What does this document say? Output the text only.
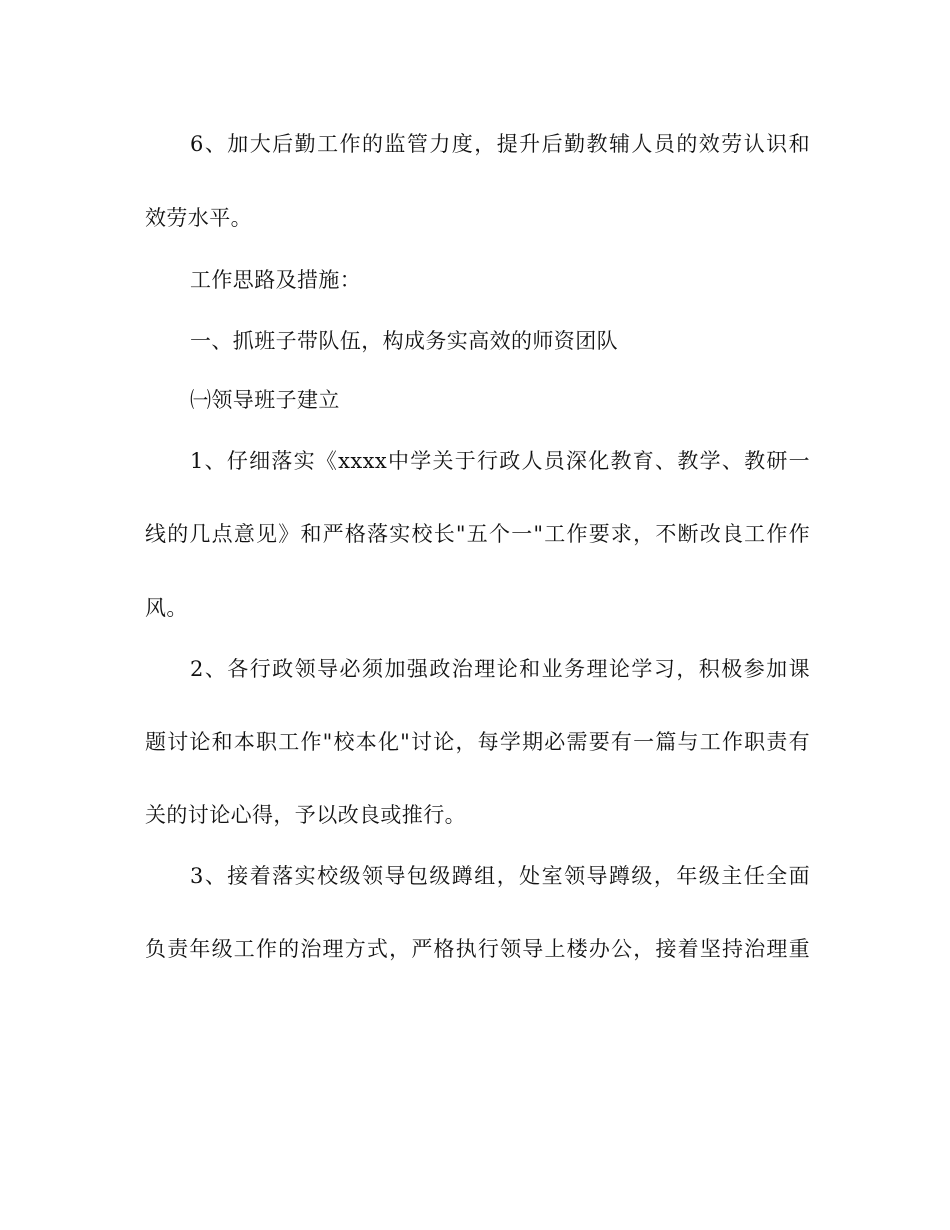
6、加大后勤工作的监管力度，提升后勤教辅人员的效劳认识和
效劳水平。
工作思路及措施：
一、抓班子带队伍，构成务实高效的师资团队
㈠领导班子建立
1、仔细落实《xxxx中学关于行政人员深化教育、教学、教研一
线的几点意见》和严格落实校长"五个一"工作要求，不断改良工作作
风。
2、各行政领导必须加强政治理论和业务理论学习，积极参加课
题讨论和本职工作"校本化"讨论，每学期必需要有一篇与工作职责有
关的讨论心得，予以改良或推行。
3、接着落实校级领导包级蹲组，处室领导蹲级，年级主任全面
负责年级工作的治理方式，严格执行领导上楼办公，接着坚持治理重
